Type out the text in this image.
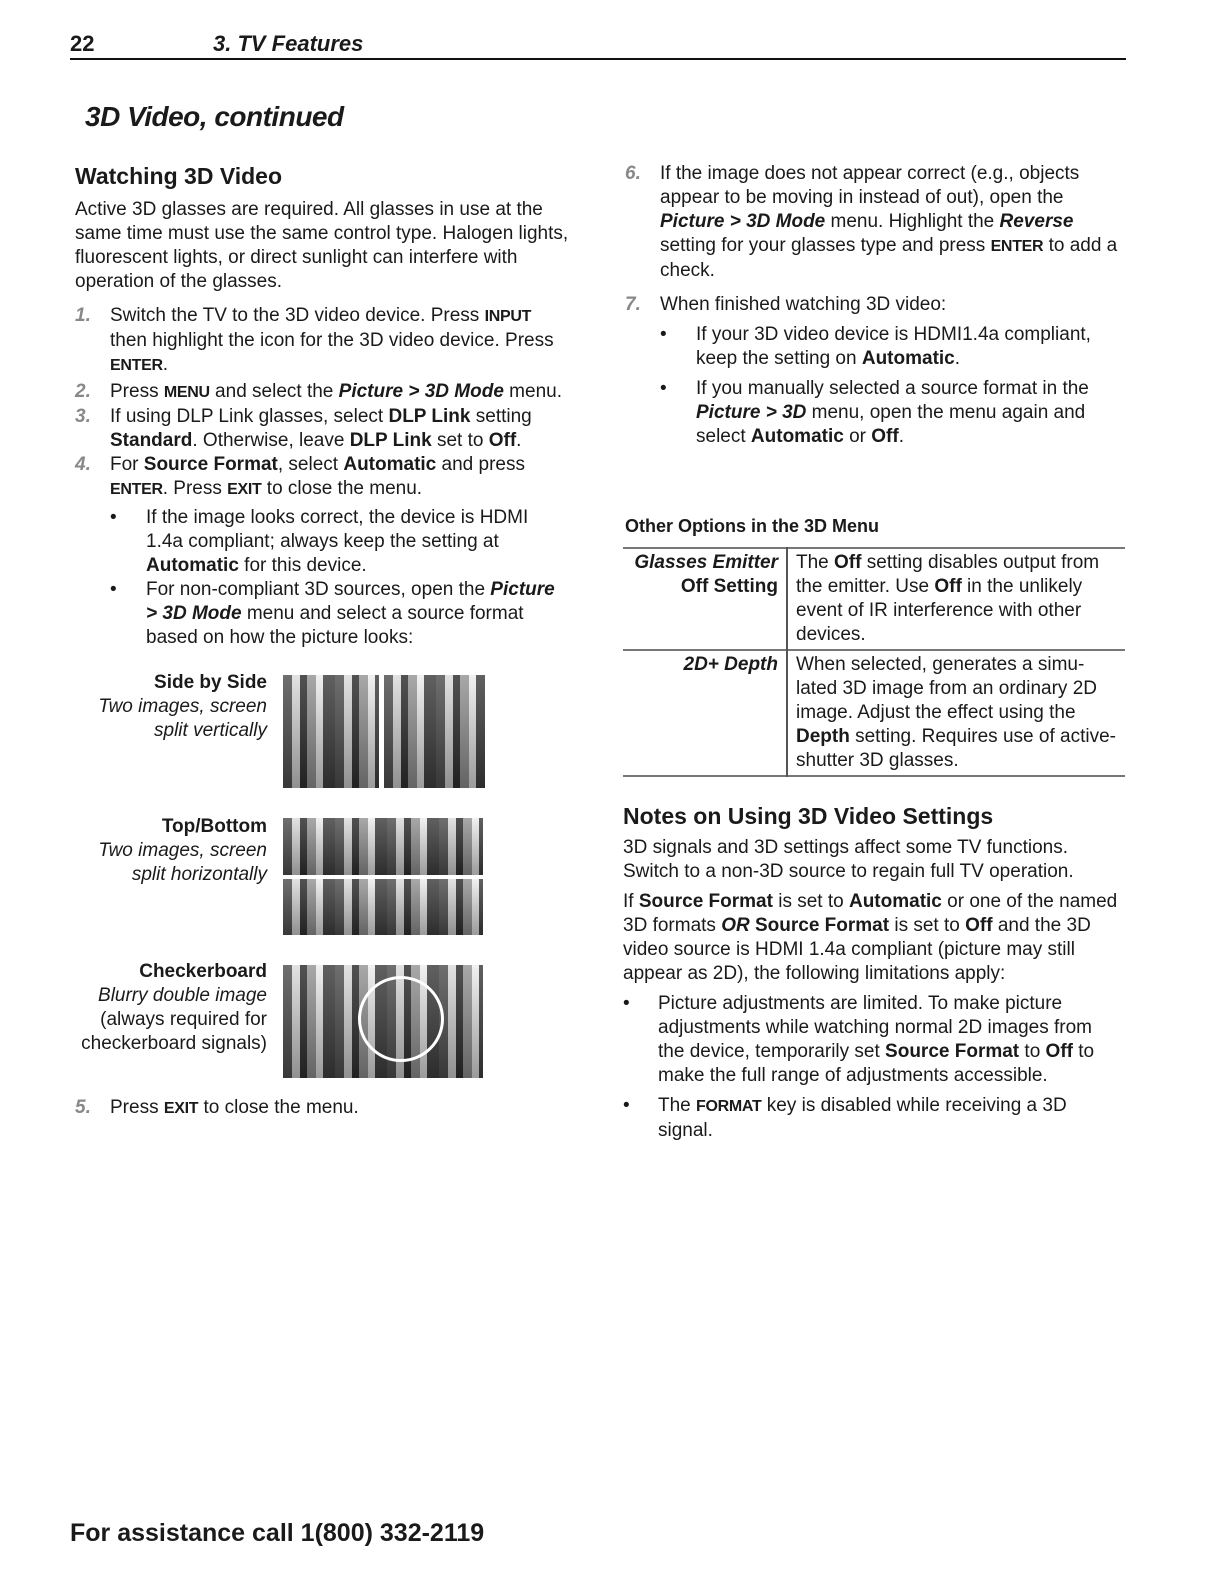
22	3. TV Features
3D Video, continued
Watching 3D Video

Active 3D glasses are required. All glasses in use at the same time must use the same control type. Halogen lights, fluorescent lights, or direct sunlight can interfere with operation of the glasses.

1. Switch the TV to the 3D video device. Press INPUT then highlight the icon for the 3D video device. Press ENTER.
2. Press MENU and select the Picture > 3D Mode menu.
3. If using DLP Link glasses, select DLP Link setting Standard. Otherwise, leave DLP Link set to Off.
4. For Source Format, select Automatic and press ENTER. Press EXIT to close the menu.
• If the image looks correct, the device is HDMI 1.4a compliant; always keep the setting at Automatic for this device.
• For non-compliant 3D sources, open the Picture > 3D Mode menu and select a source format based on how the picture looks:
Side by Side
Two images, screen split vertically
Top/Bottom
Two images, screen split horizontally
Checkerboard
Blurry double image
(always required for checkerboard signals)
5. Press EXIT to close the menu.
6. If the image does not appear correct (e.g., objects appear to be moving in instead of out), open the Picture > 3D Mode menu. Highlight the Reverse setting for your glasses type and press ENTER to add a check.
7. When finished watching 3D video:
• If your 3D video device is HDMI1.4a compliant, keep the setting on Automatic.
• If you manually selected a source format in the Picture > 3D menu, open the menu again and select Automatic or Off.
Other Options in the 3D Menu
Glasses Emitter Off Setting	The Off setting disables output from the emitter. Use Off in the unlikely event of IR interference with other devices.
2D+ Depth	When selected, generates a simu-lated 3D image from an ordinary 2D image. Adjust the effect using the Depth setting. Requires use of active-shutter 3D glasses.
Notes on Using 3D Video Settings

3D signals and 3D settings affect some TV functions. Switch to a non-3D source to regain full TV operation.

If Source Format is set to Automatic or one of the named 3D formats OR Source Format is set to Off and the 3D video source is HDMI 1.4a compliant (picture may still appear as 2D), the following limitations apply:

• Picture adjustments are limited. To make picture adjustments while watching normal 2D images from the device, temporarily set Source Format to Off to make the full range of adjustments accessible.
• The FORMAT key is disabled while receiving a 3D signal.
For assistance call 1(800) 332-2119
